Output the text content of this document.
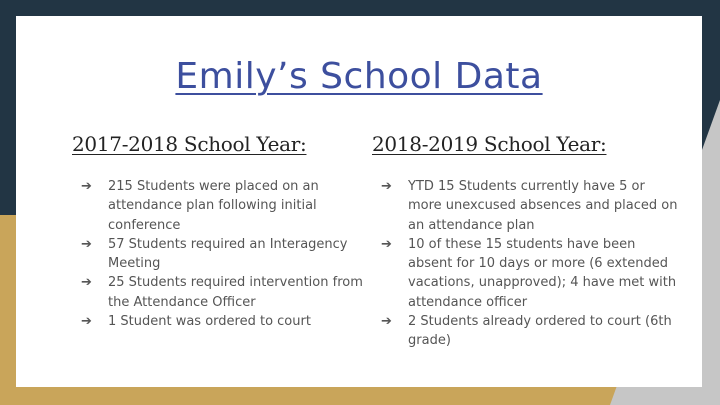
Emily’s School Data
2017-2018 School Year:
➔ 215 Students were placed on an attendance plan following initial conference
➔ 57 Students required an Interagency Meeting
➔ 25 Students required intervention from the Attendance Officer
➔ 1 Student was ordered to court
2018-2019 School Year:
➔ YTD 15 Students currently have 5 or more unexcused absences and placed on an attendance plan
➔ 10 of these 15 students have been absent for 10 days or more (6 extended vacations, unapproved); 4 have met with attendance officer
➔ 2 Students already ordered to court (6th grade)
